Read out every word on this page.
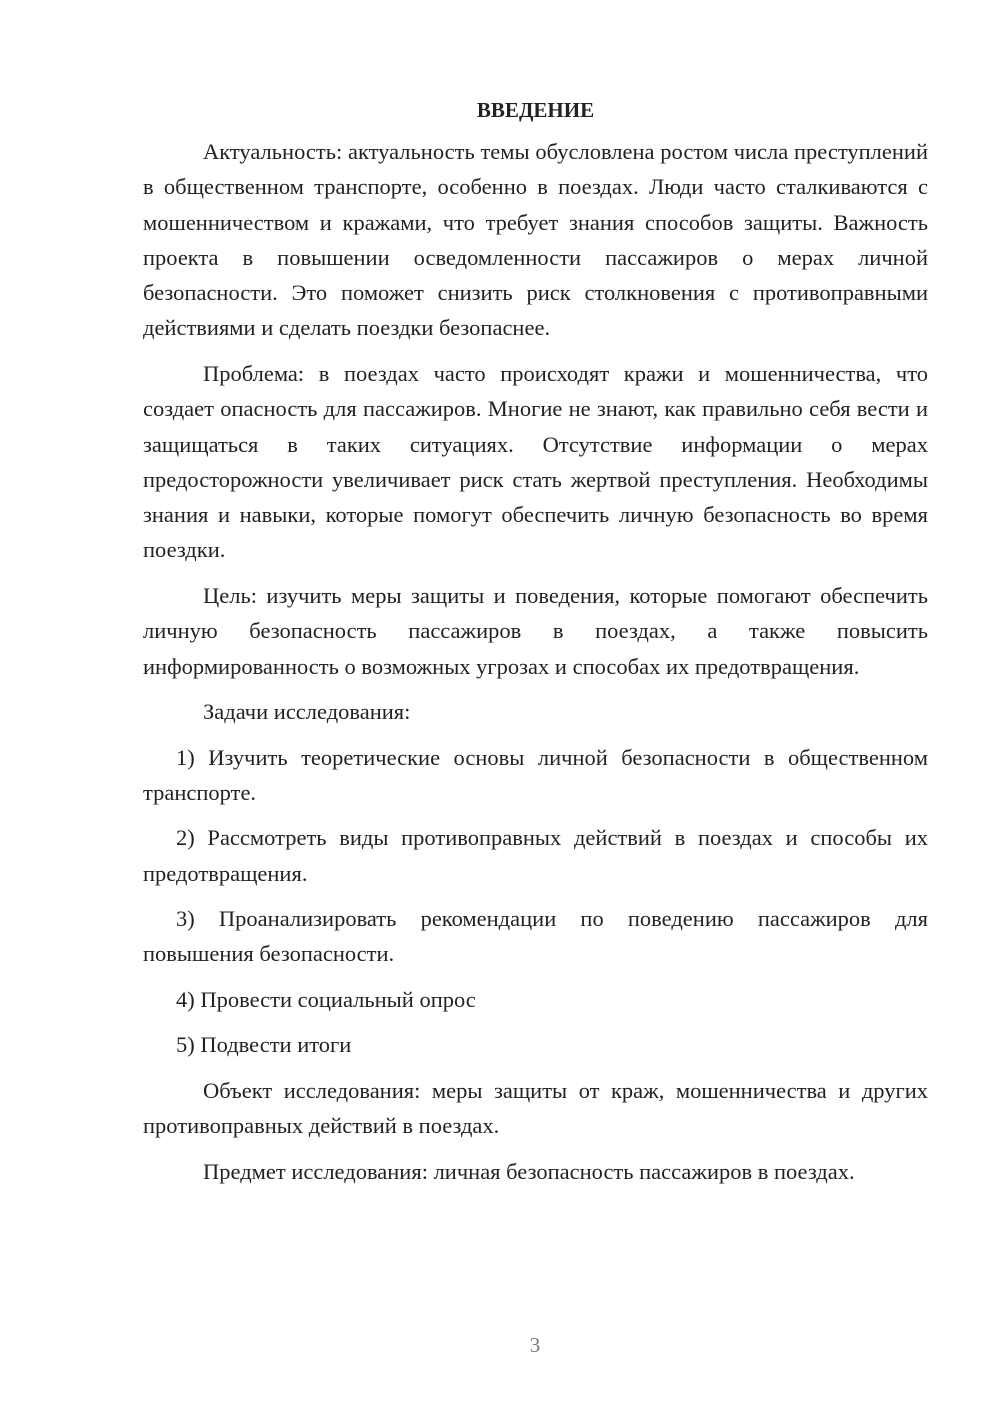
ВВЕДЕНИЕ

Актуальность: актуальность темы обусловлена ростом числа преступлений в общественном транспорте, особенно в поездах. Люди часто сталкиваются с мошенничеством и кражами, что требует знания способов защиты. Важность проекта в повышении осведомленности пассажиров о мерах личной безопасности. Это поможет снизить риск столкновения с противоправными действиями и сделать поездки безопаснее.

Проблема: в поездах часто происходят кражи и мошенничества, что создает опасность для пассажиров. Многие не знают, как правильно себя вести и защищаться в таких ситуациях. Отсутствие информации о мерах предосторожности увеличивает риск стать жертвой преступления. Необходимы знания и навыки, которые помогут обеспечить личную безопасность во время поездки.

Цель: изучить меры защиты и поведения, которые помогают обеспечить личную безопасность пассажиров в поездах, а также повысить информированность о возможных угрозах и способах их предотвращения.

Задачи исследования:

1) Изучить теоретические основы личной безопасности в общественном транспорте.

2) Рассмотреть виды противоправных действий в поездах и способы их предотвращения.

3) Проанализировать рекомендации по поведению пассажиров для повышения безопасности.

4) Провести социальный опрос

5) Подвести итоги

Объект исследования: меры защиты от краж, мошенничества и других противоправных действий в поездах.

Предмет исследования: личная безопасность пассажиров в поездах.

3
